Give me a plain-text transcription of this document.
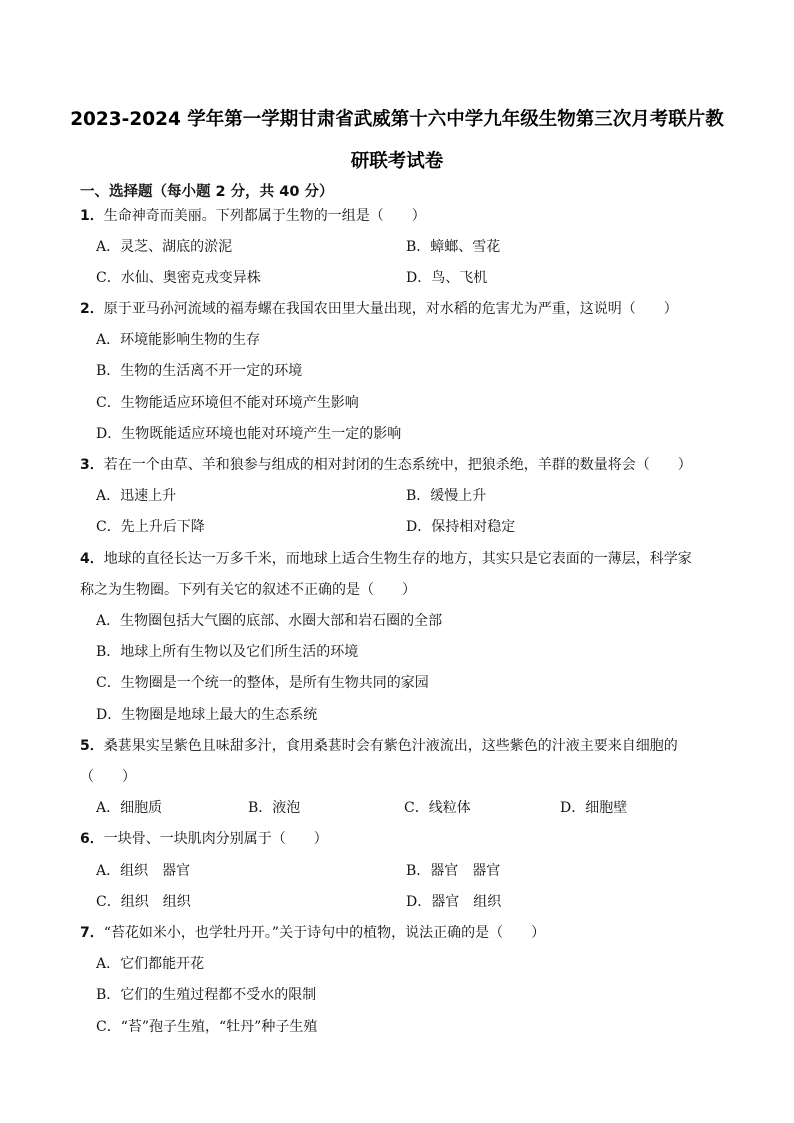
2023-2024 学年第一学期甘肃省武威第十六中学九年级生物第三次月考联片教
研联考试卷
一、选择题（每小题 2 分，共 40 分）
1．生命神奇而美丽。下列都属于生物的一组是（　　）
A．灵芝、湖底的淤泥	B．蟑螂、雪花
C．水仙、奥密克戎变异株	D．鸟、飞机
2．原于亚马孙河流域的福寿螺在我国农田里大量出现，对水稻的危害尤为严重，这说明（　　）
A．环境能影响生物的生存
B．生物的生活离不开一定的环境
C．生物能适应环境但不能对环境产生影响
D．生物既能适应环境也能对环境产生一定的影响
3．若在一个由草、羊和狼参与组成的相对封闭的生态系统中，把狼杀绝，羊群的数量将会（　　）
A．迅速上升	B．缓慢上升
C．先上升后下降	D．保持相对稳定
4．地球的直径长达一万多千米，而地球上适合生物生存的地方，其实只是它表面的一薄层，科学家
称之为生物圈。下列有关它的叙述不正确的是（　　）
A．生物圈包括大气圈的底部、水圈大部和岩石圈的全部
B．地球上所有生物以及它们所生活的环境
C．生物圈是一个统一的整体，是所有生物共同的家园
D．生物圈是地球上最大的生态系统
5．桑葚果实呈紫色且味甜多汁，食用桑葚时会有紫色汁液流出，这些紫色的汁液主要来自细胞的
（　　）
A．细胞质	B．液泡	C．线粒体	D．细胞壁
6．一块骨、一块肌肉分别属于（　　）
A．组织　器官	B．器官　器官
C．组织　组织	D．器官　组织
7．“苔花如米小，也学牡丹开。”关于诗句中的植物，说法正确的是（　　）
A．它们都能开花
B．它们的生殖过程都不受水的限制
C．“苔”孢子生殖，“牡丹”种子生殖
